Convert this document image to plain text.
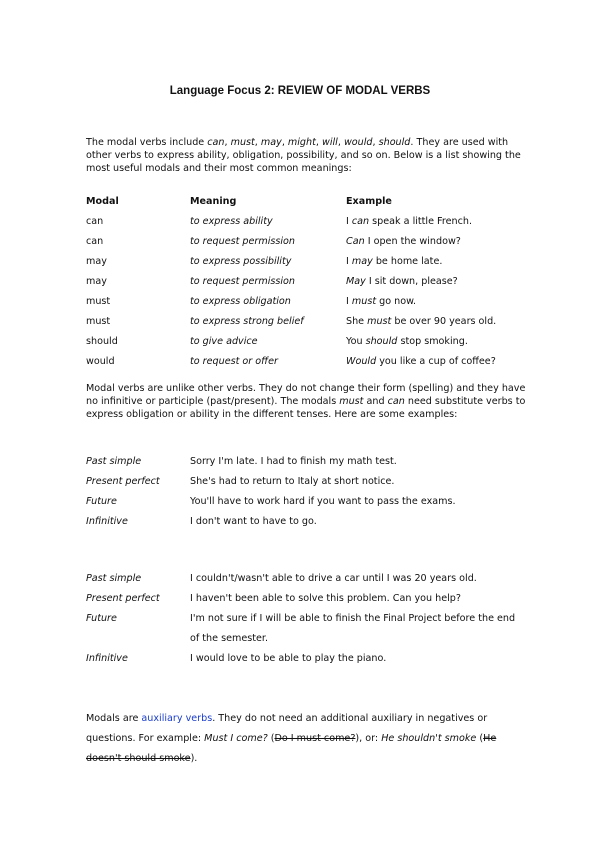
Language Focus 2: REVIEW OF MODAL VERBS

The modal verbs include can, must, may, might, will, would, should. They are used with other verbs to express ability, obligation, possibility, and so on. Below is a list showing the most useful modals and their most common meanings:

Modal	Meaning	Example
can	to express ability	I can speak a little French.
can	to request permission	Can I open the window?
may	to express possibility	I may be home late.
may	to request permission	May I sit down, please?
must	to express obligation	I must go now.
must	to express strong belief	She must be over 90 years old.
should	to give advice	You should stop smoking.
would	to request or offer	Would you like a cup of coffee?

Modal verbs are unlike other verbs. They do not change their form (spelling) and they have no infinitive or participle (past/present). The modals must and can need substitute verbs to express obligation or ability in the different tenses. Here are some examples:

Past simple	Sorry I'm late. I had to finish my math test.
Present perfect	She's had to return to Italy at short notice.
Future	You'll have to work hard if you want to pass the exams.
Infinitive	I don't want to have to go.
Past simple	I couldn't/wasn't able to drive a car until I was 20 years old.
Present perfect	I haven't been able to solve this problem. Can you help?
Future	I'm not sure if I will be able to finish the Final Project before the end of the semester.
Infinitive	I would love to be able to play the piano.

Modals are auxiliary verbs. They do not need an additional auxiliary in negatives or questions. For example: Must I come? (Do I must come?), or: He shouldn't smoke (He doesn't should smoke).
